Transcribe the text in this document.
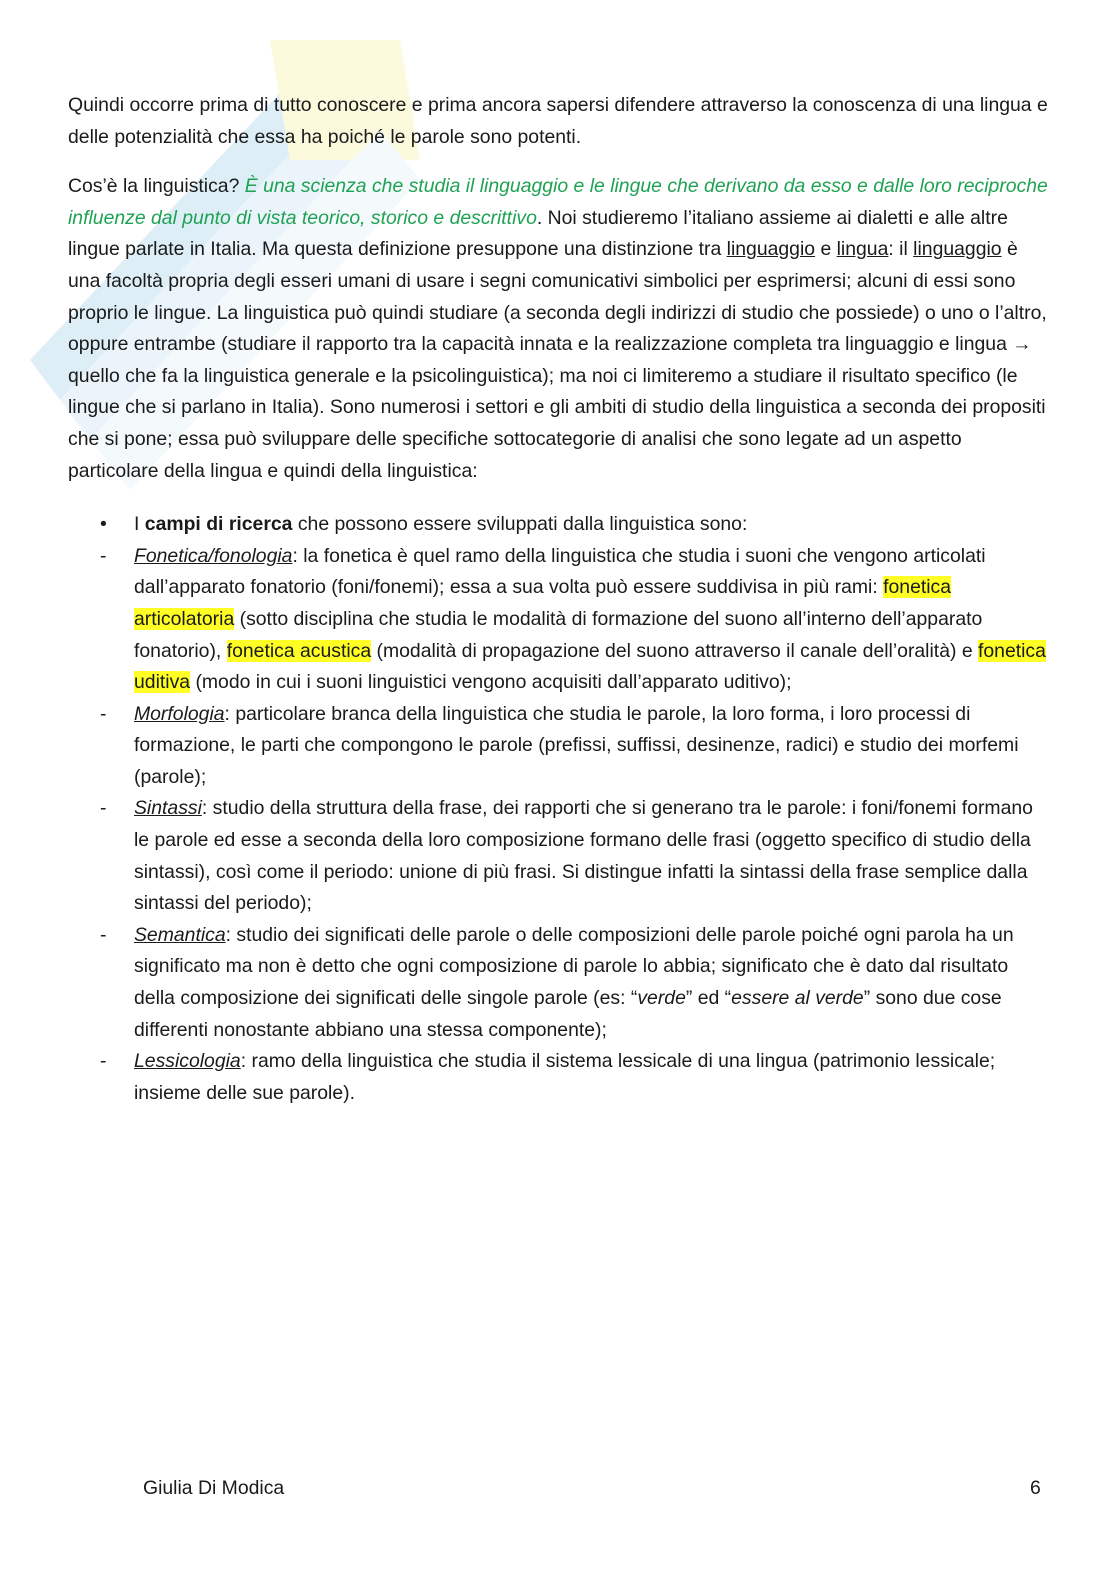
Quindi occorre prima di tutto conoscere e prima ancora sapersi difendere attraverso la conoscenza di una lingua e delle potenzialità che essa ha poiché le parole sono potenti.

Cos’è la linguistica? È una scienza che studia il linguaggio e le lingue che derivano da esso e dalle loro reciproche influenze dal punto di vista teorico, storico e descrittivo. Noi studieremo l’italiano assieme ai dialetti e alle altre lingue parlate in Italia. Ma questa definizione presuppone una distinzione tra linguaggio e lingua: il linguaggio è una facoltà propria degli esseri umani di usare i segni comunicativi simbolici per esprimersi; alcuni di essi sono proprio le lingue. La linguistica può quindi studiare (a seconda degli indirizzi di studio che possiede) o uno o l’altro, oppure entrambe (studiare il rapporto tra la capacità innata e la realizzazione completa tra linguaggio e lingua → quello che fa la linguistica generale e la psicolinguistica); ma noi ci limiteremo a studiare il risultato specifico (le lingue che si parlano in Italia). Sono numerosi i settori e gli ambiti di studio della linguistica a seconda dei propositi che si pone; essa può sviluppare delle specifiche sottocategorie di analisi che sono legate ad un aspetto particolare della lingua e quindi della linguistica:

• I campi di ricerca che possono essere sviluppati dalla linguistica sono:
- Fonetica/fonologia: la fonetica è quel ramo della linguistica che studia i suoni che vengono articolati dall’apparato fonatorio (foni/fonemi); essa a sua volta può essere suddivisa in più rami: fonetica articolatoria (sotto disciplina che studia le modalità di formazione del suono all’interno dell’apparato fonatorio), fonetica acustica (modalità di propagazione del suono attraverso il canale dell’oralità) e fonetica uditiva (modo in cui i suoni linguistici vengono acquisiti dall’apparato uditivo);
- Morfologia: particolare branca della linguistica che studia le parole, la loro forma, i loro processi di formazione, le parti che compongono le parole (prefissi, suffissi, desinenze, radici) e studio dei morfemi (parole);
- Sintassi: studio della struttura della frase, dei rapporti che si generano tra le parole: i foni/fonemi formano le parole ed esse a seconda della loro composizione formano delle frasi (oggetto specifico di studio della sintassi), così come il periodo: unione di più frasi. Si distingue infatti la sintassi della frase semplice dalla sintassi del periodo);
- Semantica: studio dei significati delle parole o delle composizioni delle parole poiché ogni parola ha un significato ma non è detto che ogni composizione di parole lo abbia; significato che è dato dal risultato della composizione dei significati delle singole parole (es: “verde” ed “essere al verde” sono due cose differenti nonostante abbiano una stessa componente);
- Lessicologia: ramo della linguistica che studia il sistema lessicale di una lingua (patrimonio lessicale; insieme delle sue parole).
Giulia Di Modica	6
